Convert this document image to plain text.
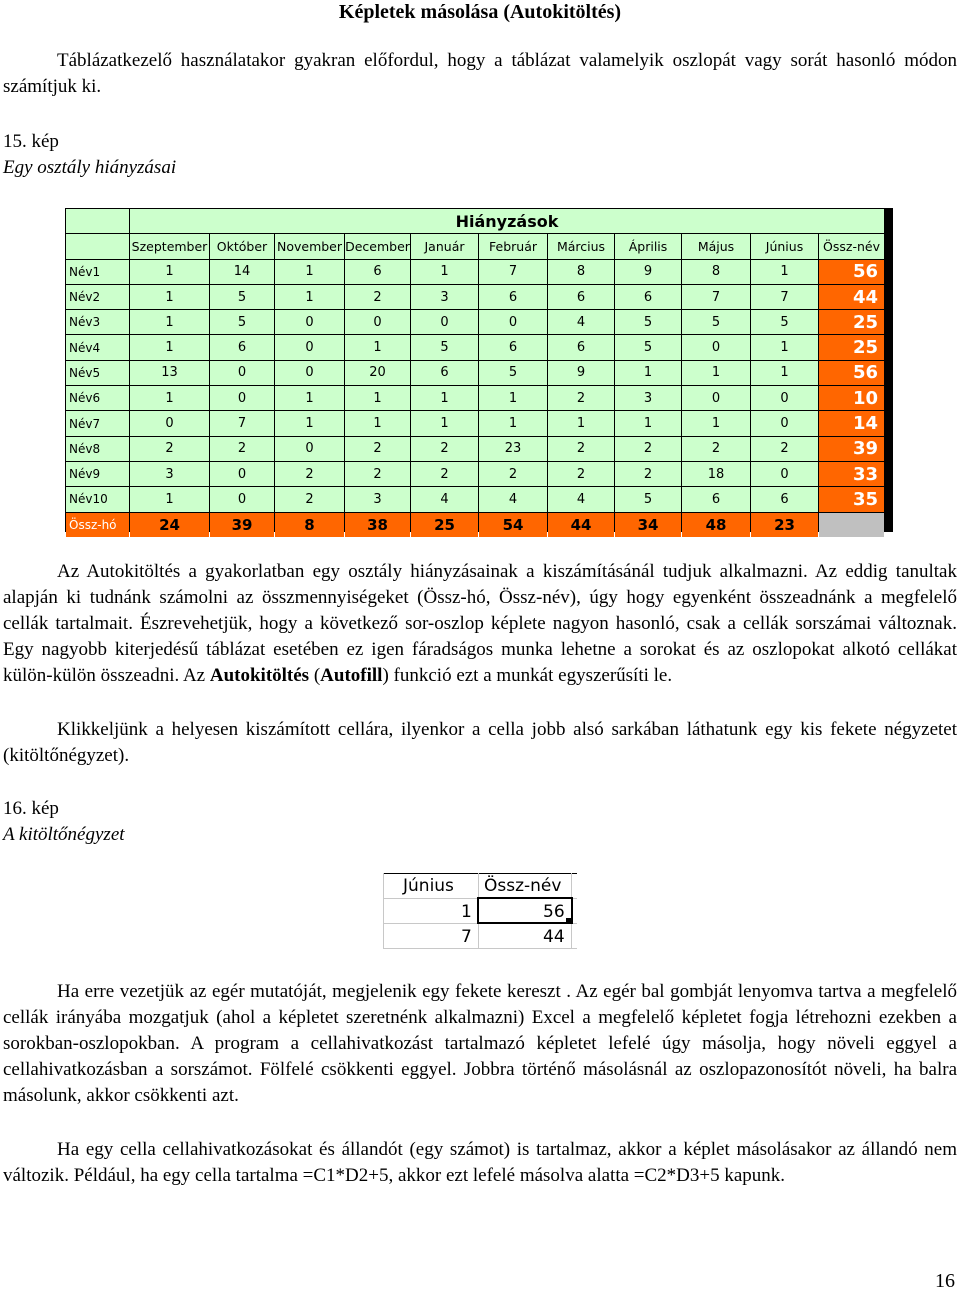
Képletek másolása (Autokitöltés)
Táblázatkezelő használatakor gyakran előfordul, hogy a táblázat valamelyik oszlopát vagy sorát hasonló módon számítjuk ki.
15. kép
Egy osztály hiányzásai
	Hiányzások										
	Szeptember	Október	November	December	Január	Február	Március	Április	Május	Június	Össz-név
Név1	1	14	1	6	1	7	8	9	8	1	56
Név2	1	5	1	2	3	6	6	6	7	7	44
Név3	1	5	0	0	0	0	4	5	5	5	25
Név4	1	6	0	1	5	6	6	5	0	1	25
Név5	13	0	0	20	6	5	9	1	1	1	56
Név6	1	0	1	1	1	1	2	3	0	0	10
Név7	0	7	1	1	1	1	1	1	1	0	14
Név8	2	2	0	2	2	23	2	2	2	2	39
Név9	3	0	2	2	2	2	2	2	18	0	33
Név10	1	0	2	3	4	4	4	5	6	6	35
Össz-hó	24	39	8	38	25	54	44	34	48	23	
Az Autokitöltés a gyakorlatban egy osztály hiányzásainak a kiszámításánál tudjuk alkalmazni. Az eddig tanultak alapján ki tudnánk számolni az összmennyiségeket (Össz-hó, Össz-név), úgy hogy egyenként összeadnánk a megfelelő cellák tartalmait. Észrevehetjük, hogy a következő sor-oszlop képlete nagyon hasonló, csak a cellák sorszámai változnak. Egy nagyobb kiterjedésű táblázat esetében ez igen fáradságos munka lehetne a sorokat és az oszlopokat alkotó cellákat külön-külön összeadni. Az Autokitöltés (Autofill) funkció ezt a munkát egyszerűsíti le.
Klikkeljünk a helyesen kiszámított cellára, ilyenkor a cella jobb alsó sarkában láthatunk egy kis fekete négyzetet (kitöltőnégyzet).
16. kép
A kitöltőnégyzet
Június Össz-név
1	56
7	44
Ha erre vezetjük az egér mutatóját, megjelenik egy fekete kereszt . Az egér bal gombját lenyomva tartva a megfelelő cellák irányába mozgatjuk (ahol a képletet szeretnénk alkalmazni) Excel a megfelelő képletet fogja létrehozni ezekben a sorokban-oszlopokban. A program a cellahivatkozást tartalmazó képletet lefelé úgy másolja, hogy növeli eggyel a cellahivatkozásban a sorszámot. Fölfelé csökkenti eggyel. Jobbra történő másolásnál az oszlopazonosítót növeli, ha balra másolunk, akkor csökkenti azt.
Ha egy cella cellahivatkozásokat és állandót (egy számot) is tartalmaz, akkor a képlet másolásakor az állandó nem változik. Például, ha egy cella tartalma =C1*D2+5, akkor ezt lefelé másolva alatta =C2*D3+5 kapunk.
16
